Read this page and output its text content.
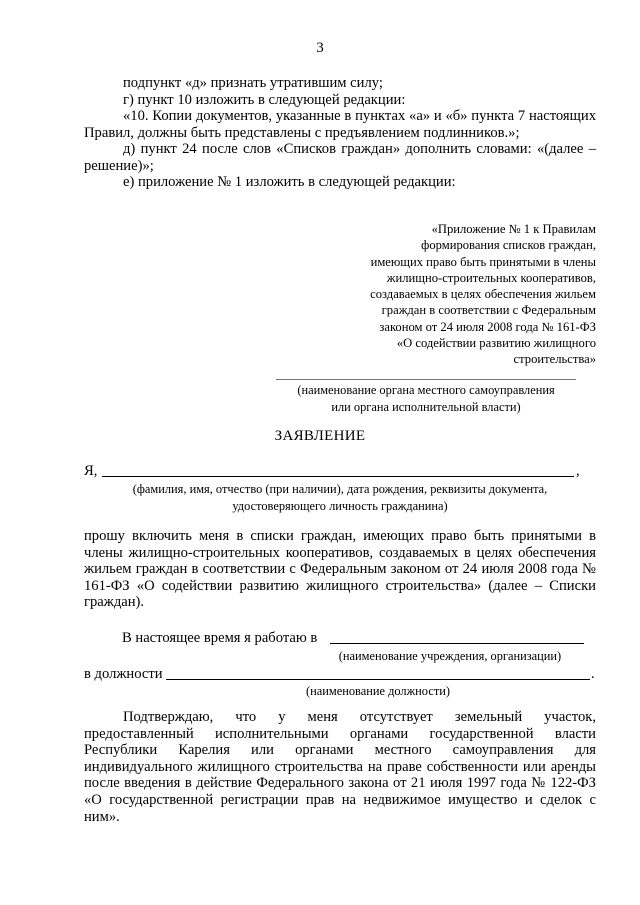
3

подпункт «д» признать утратившим силу;

г) пункт 10 изложить в следующей редакции:

«10. Копии документов, указанные в пунктах «а» и «б» пункта 7 настоящих Правил, должны быть представлены с предъявлением подлинников.»;

д) пункт 24 после слов «Списков граждан» дополнить словами: «(далее – решение)»;

е) приложение № 1 изложить в следующей редакции:

«Приложение № 1 к Правилам
формирования списков граждан,
имеющих право быть принятыми в члены
жилищно-строительных кооперативов,
создаваемых в целях обеспечения жильем
граждан в соответствии с Федеральным
законом от 24 июля 2008 года № 161-ФЗ
«О содействии развитию жилищного
строительства»
(наименование органа местного самоуправления
или органа исполнительной власти)
ЗАЯВЛЕНИЕ
Я,	,
(фамилия, имя, отчество (при наличии), дата рождения, реквизиты документа,
удостоверяющего личность гражданина)

прошу включить меня в списки граждан, имеющих право быть принятыми в члены жилищно-строительных кооперативов, создаваемых в целях обеспечения жильем граждан в соответствии с Федеральным законом от 24 июля 2008 года № 161-ФЗ «О содействии развитию жилищного строительства» (далее – Списки граждан).

В настоящее время я работаю в
(наименование учреждения, организации)
в должности	.
(наименование должности)

Подтверждаю, что у меня отсутствует земельный участок, предоставленный исполнительными органами государственной власти Республики Карелия или органами местного самоуправления для индивидуального жилищного строительства на праве собственности или аренды после введения в действие Федерального закона от 21 июля 1997 года № 122-ФЗ «О государственной регистрации прав на недвижимое имущество и сделок с ним».
